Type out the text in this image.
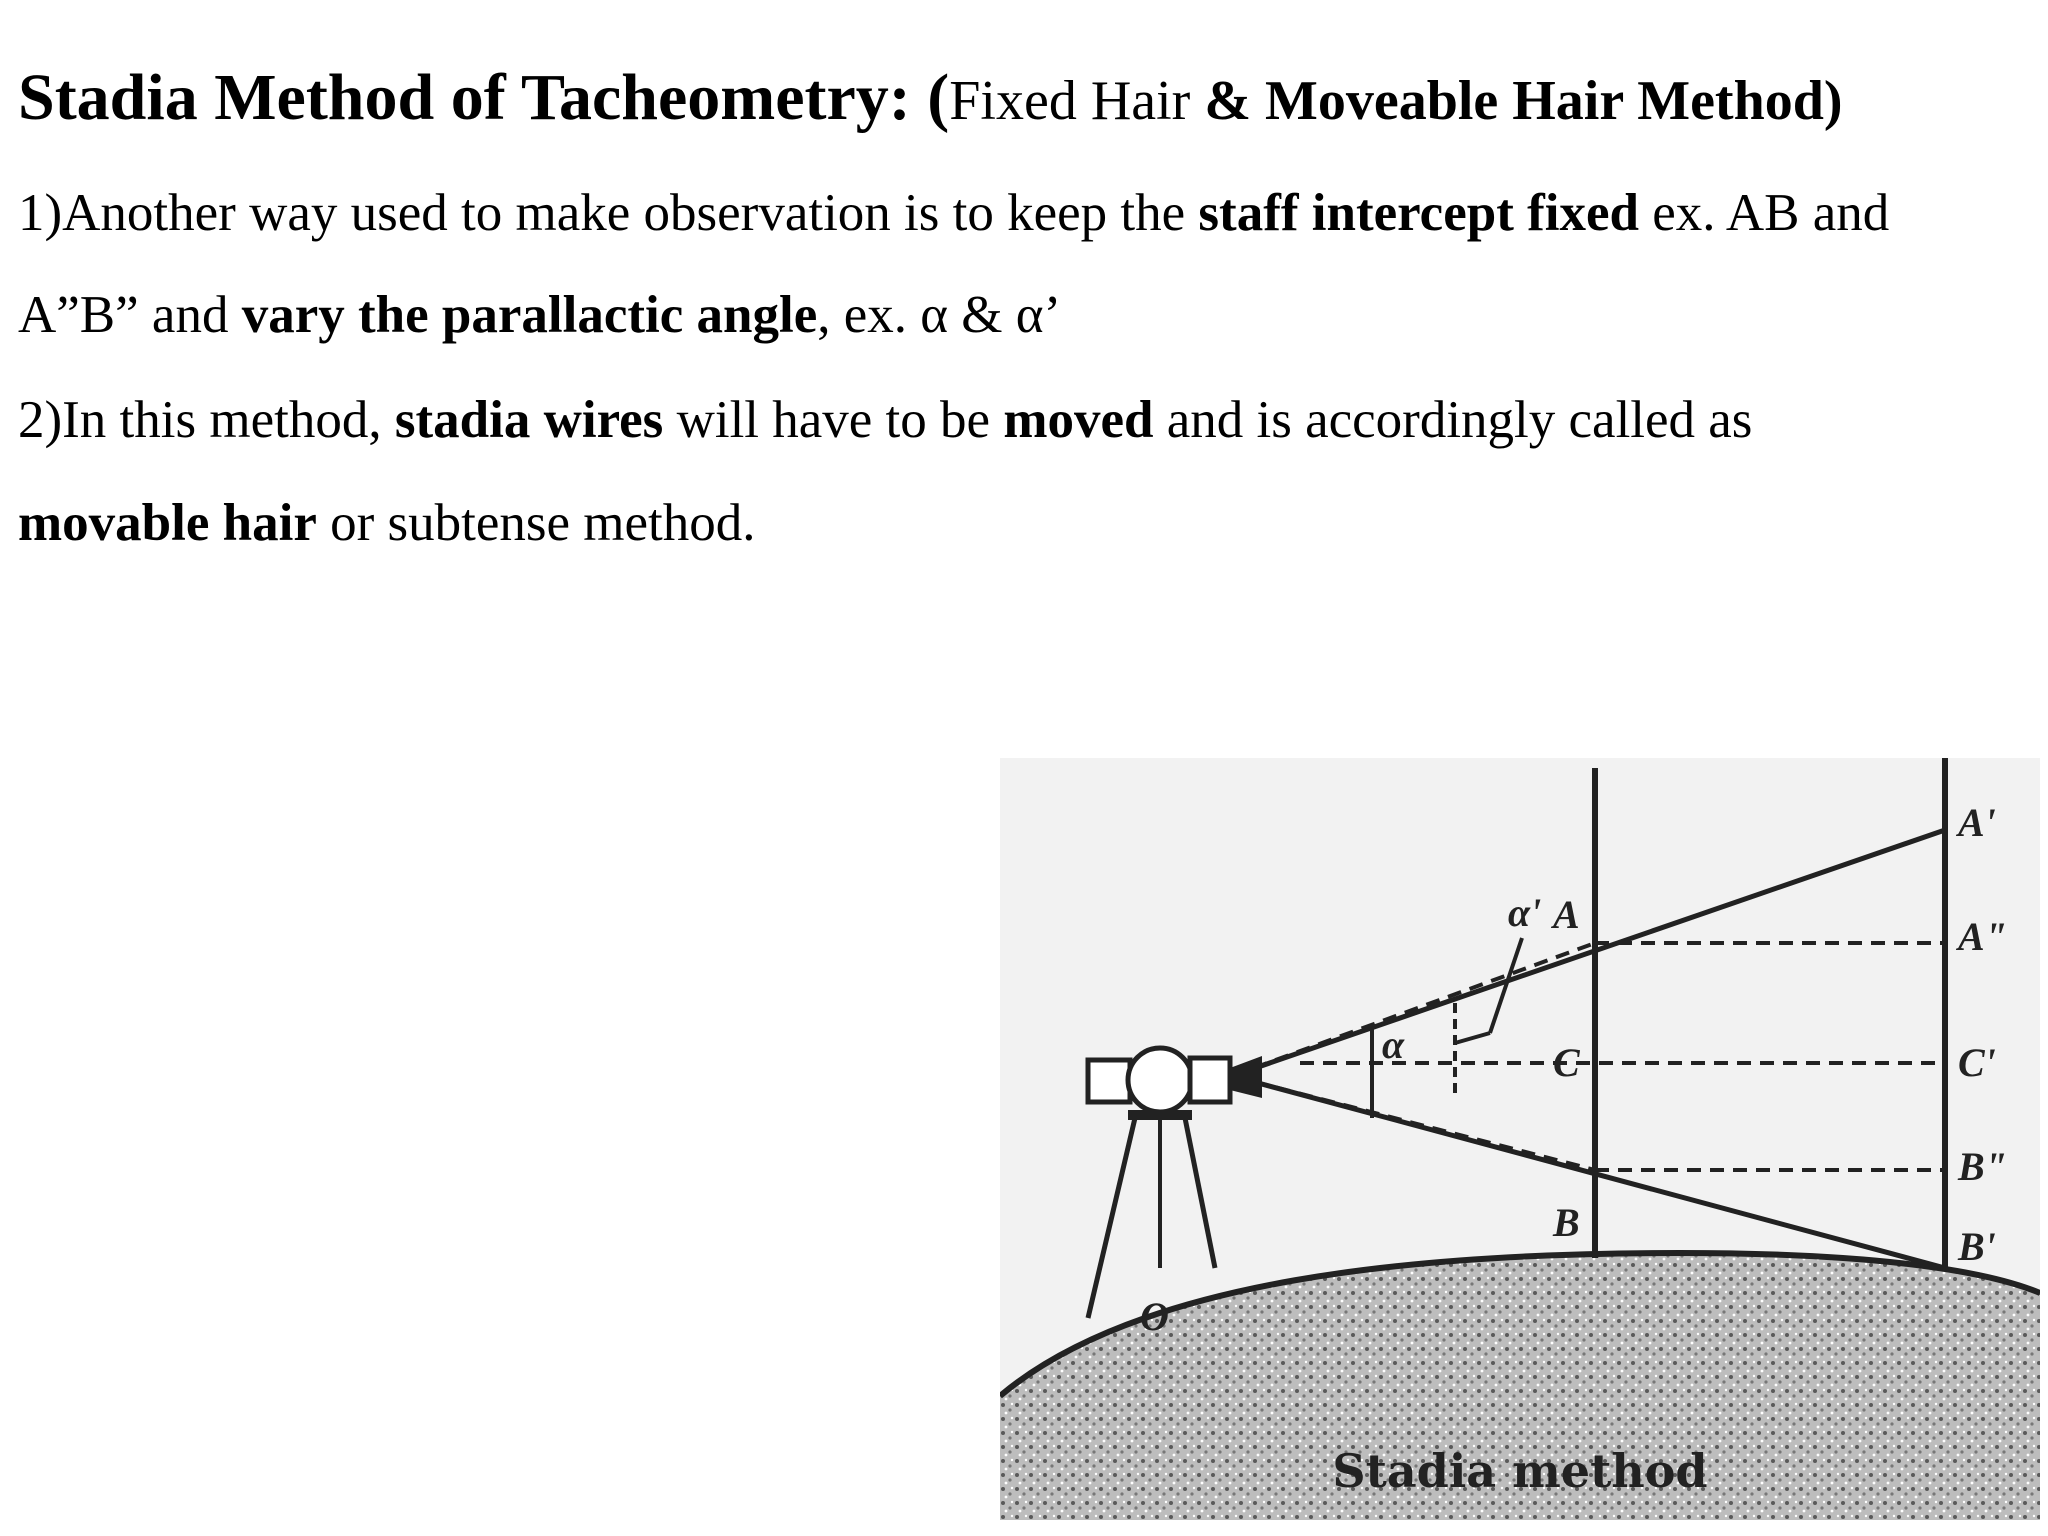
Stadia Method of Tacheometry: (Fixed Hair & Moveable Hair Method)

1)Another way used to make observation is to keep the staff intercept fixed ex. AB and

A”B” and vary the parallactic angle, ex. α & α’

2)In this method, stadia wires will have to be moved and is accordingly called as

movable hair or subtense method.

α'
α
A
C
B
A'
A"
C'
B"
B'
O
Stadia method
